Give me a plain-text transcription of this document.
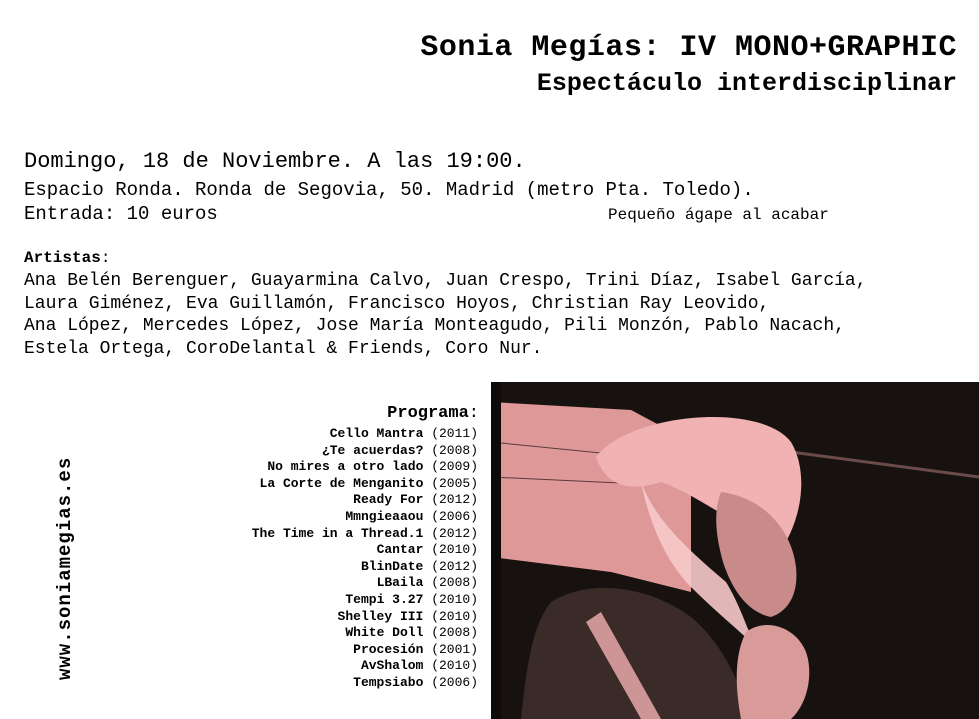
Sonia Megías: IV MONO+GRAPHIC
Espectáculo interdisciplinar
Domingo, 18 de Noviembre. A las 19:00.
Espacio Ronda. Ronda de Segovia, 50. Madrid (metro Pta. Toledo).
Entrada: 10 euros	Pequeño ágape al acabar
Artistas:
Ana Belén Berenguer, Guayarmina Calvo, Juan Crespo, Trini Díaz, Isabel García,
Laura Giménez, Eva Guillamón, Francisco Hoyos, Christian Ray Leovido,
Ana López, Mercedes López, Jose María Monteagudo, Pili Monzón, Pablo Nacach,
Estela Ortega, CoroDelantal & Friends, Coro Nur.
www.soniamegias.es
Programa:
Cello Mantra (2011)
¿Te acuerdas? (2008)
No mires a otro lado (2009)
La Corte de Menganito (2005)
Ready For (2012)
Mmngieaaou (2006)
The Time in a Thread.1 (2012)
Cantar (2010)
BlinDate (2012)
LBaila (2008)
Tempi 3.27 (2010)
Shelley III (2010)
White Doll (2008)
Procesión (2001)
AvShalom (2010)
Tempsiabo (2006)
